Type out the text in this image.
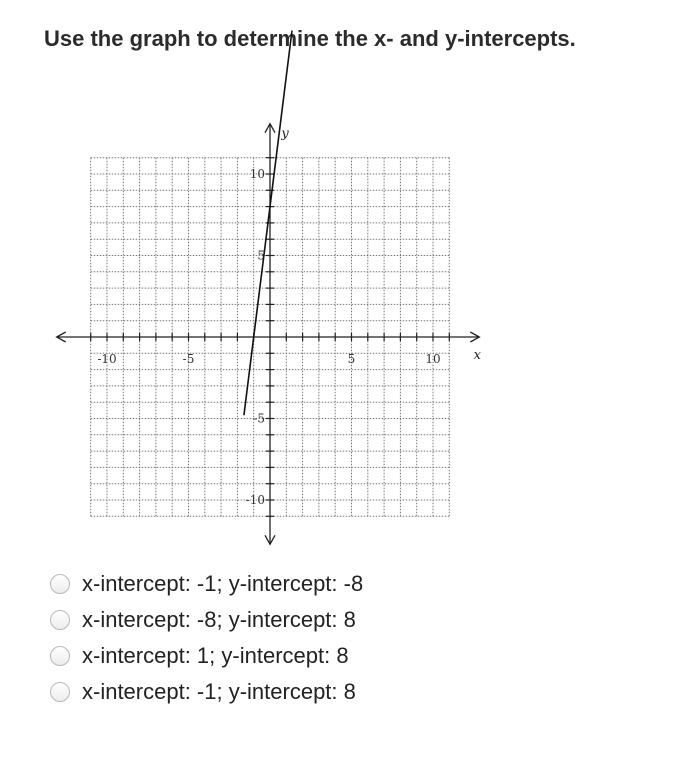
Use the graph to determine the x- and y-intercepts.
-10	-5	5	10
10
5
-5
-10
x
y
x-intercept: -1; y-intercept: -8
x-intercept: -8; y-intercept: 8
x-intercept: 1; y-intercept: 8
x-intercept: -1; y-intercept: 8
